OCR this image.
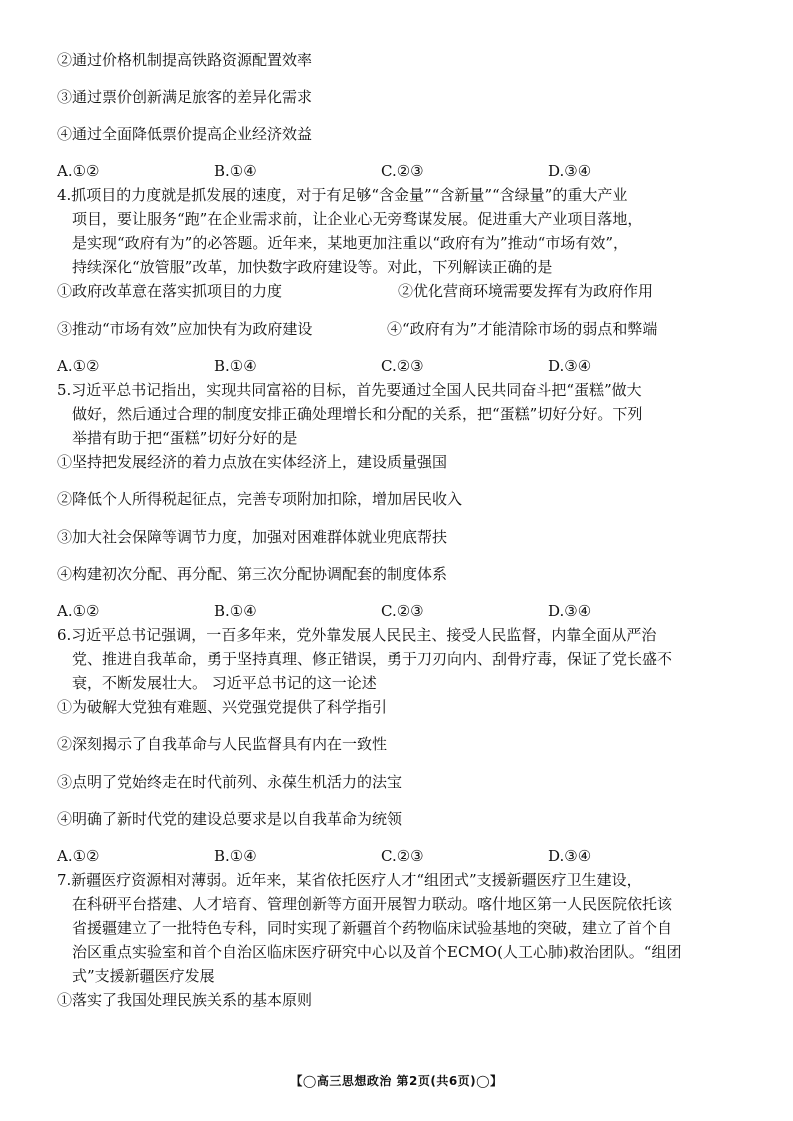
②通过价格机制提高铁路资源配置效率
③通过票价创新满足旅客的差异化需求
④通过全面降低票价提高企业经济效益
A.①②	B.①④	C.②③	D.③④
4.抓项目的力度就是抓发展的速度，对于有足够“含金量”“含新量”“含绿量”的重大产业
项目，要让服务“跑”在企业需求前，让企业心无旁骛谋发展。促进重大产业项目落地，
是实现“政府有为”的必答题。近年来，某地更加注重以“政府有为”推动“市场有效”，
持续深化“放管服”改革，加快数字政府建设等。对此，下列解读正确的是
①政府改革意在落实抓项目的力度	②优化营商环境需要发挥有为政府作用
③推动“市场有效”应加快有为政府建设	④“政府有为”才能清除市场的弱点和弊端
A.①②	B.①④	C.②③	D.③④
5.习近平总书记指出，实现共同富裕的目标，首先要通过全国人民共同奋斗把“蛋糕”做大
做好，然后通过合理的制度安排正确处理增长和分配的关系，把“蛋糕”切好分好。下列
举措有助于把“蛋糕”切好分好的是
①坚持把发展经济的着力点放在实体经济上，建设质量强国
②降低个人所得税起征点，完善专项附加扣除，增加居民收入
③加大社会保障等调节力度，加强对困难群体就业兜底帮扶
④构建初次分配、再分配、第三次分配协调配套的制度体系
A.①②	B.①④	C.②③	D.③④
6.习近平总书记强调，一百多年来，党外靠发展人民民主、接受人民监督，内靠全面从严治
党、推进自我革命，勇于坚持真理、修正错误，勇于刀刃向内、刮骨疗毒，保证了党长盛不
衰，不断发展壮大。 习近平总书记的这一论述
①为破解大党独有难题、兴党强党提供了科学指引
②深刻揭示了自我革命与人民监督具有内在一致性
③点明了党始终走在时代前列、永葆生机活力的法宝
④明确了新时代党的建设总要求是以自我革命为统领
A.①②	B.①④	C.②③	D.③④
7.新疆医疗资源相对薄弱。近年来，某省依托医疗人才“组团式”支援新疆医疗卫生建设，
在科研平台搭建、人才培育、管理创新等方面开展智力联动。喀什地区第一人民医院依托该
省援疆建立了一批特色专科，同时实现了新疆首个药物临床试验基地的突破，建立了首个自
治区重点实验室和首个自治区临床医疗研究中心以及首个ECMO(人工心肺)救治团队。“组团
式”支援新疆医疗发展
①落实了我国处理民族关系的基本原则
【◯高三思想政治 第2页(共6页)◯】
